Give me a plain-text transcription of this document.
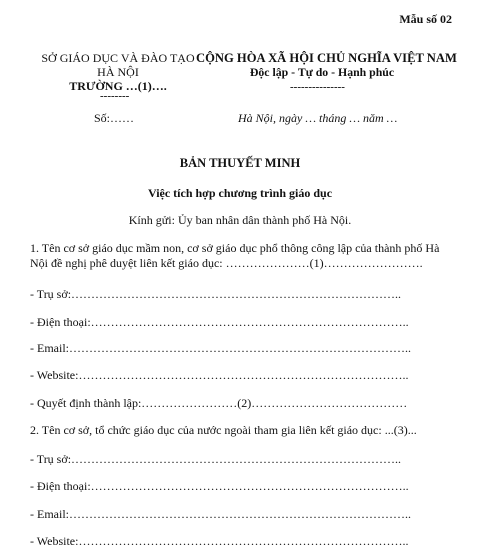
Mẫu số 02
SỞ GIÁO DỤC VÀ ĐÀO TẠO
HÀ NỘI
TRƯỜNG …(1)….
--------
CỘNG HÒA XÃ HỘI CHỦ NGHĨA VIỆT NAM
Độc lập - Tự do - Hạnh phúc
---------------
Số:……	Hà Nội, ngày … tháng … năm …
BẢN THUYẾT MINH
Việc tích hợp chương trình giáo dục
Kính gửi: Ủy ban nhân dân thành phố Hà Nội.
1. Tên cơ sở giáo dục mầm non, cơ sở giáo dục phổ thông công lập của thành phố Hà Nội đề nghị phê duyệt liên kết giáo dục: …………………(1)…………………….
- Trụ sở:………………………………………………………………………..
- Điện thoại:……………………………………………………………………..
- Email:…………………………………………………………………………..
- Website:………………………………………………………………………..
- Quyết định thành lập:……………………(2)…………………………………
2. Tên cơ sở, tổ chức giáo dục của nước ngoài tham gia liên kết giáo dục: ...(3)...
- Trụ sở:………………………………………………………………………..
- Điện thoại:……………………………………………………………………..
- Email:…………………………………………………………………………..
- Website:………………………………………………………………………..
